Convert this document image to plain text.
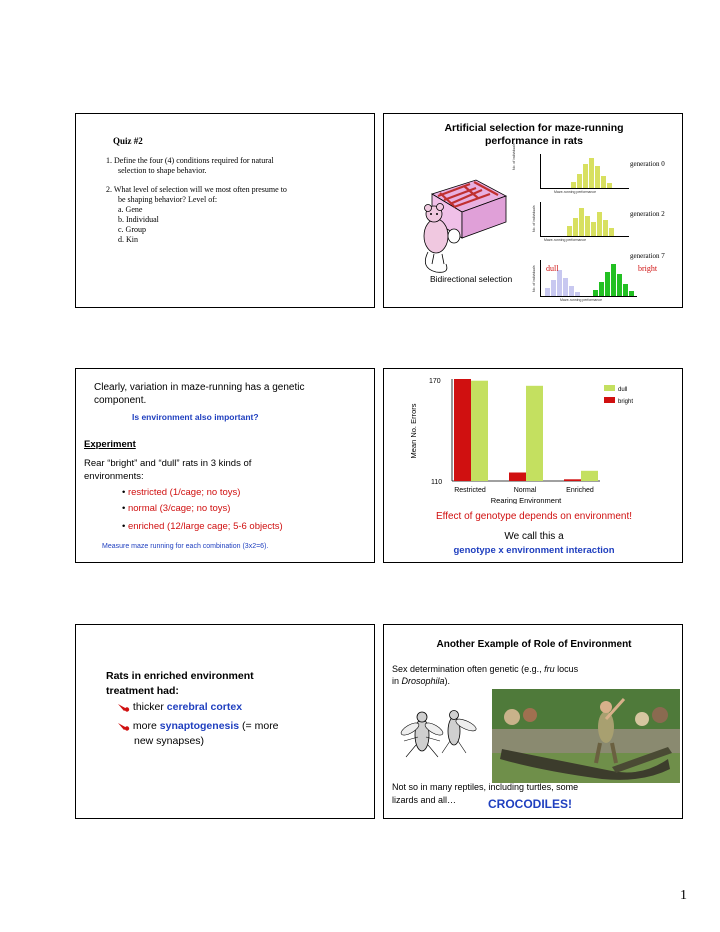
Quiz #2
1. Define the four (4) conditions required for natural
selection to shape behavior.
2. What level of selection will we most often presume to
be shaping behavior? Level of:
a. Gene
b. Individual
c. Group
d. Kin
Artificial selection for maze-running
performance in rats
generation 0
Maze-running performance
No. of individuals
generation 2
Maze-running performance
No. of individuals
generation 7
dull	bright
Maze-running performance
No. of individuals
Bidirectional selection
Clearly, variation in maze-running has a genetic
component.
Is environment also important?
Experiment
Rear “bright” and “dull” rats in 3 kinds of
environments:
• restricted (1/cage; no toys)
• normal (3/cage; no toys)
• enriched (12/large cage; 5-6 objects)
Measure maze running for each combination (3x2=6).
170
110
Mean No. Errors
Restricted	Normal	Enriched
Rearing Environment
dull
bright
Effect of genotype depends on environment!
We call this a
genotype x environment interaction
Rats in enriched environment
treatment had:
thicker cerebral cortex
more synaptogenesis (= more
new synapses)
Another Example of Role of Environment
Sex determination often genetic (e.g., fru locus
in Drosophila).
Not so in many reptiles, including turtles, some
lizards and all…	CROCODILES!
1
